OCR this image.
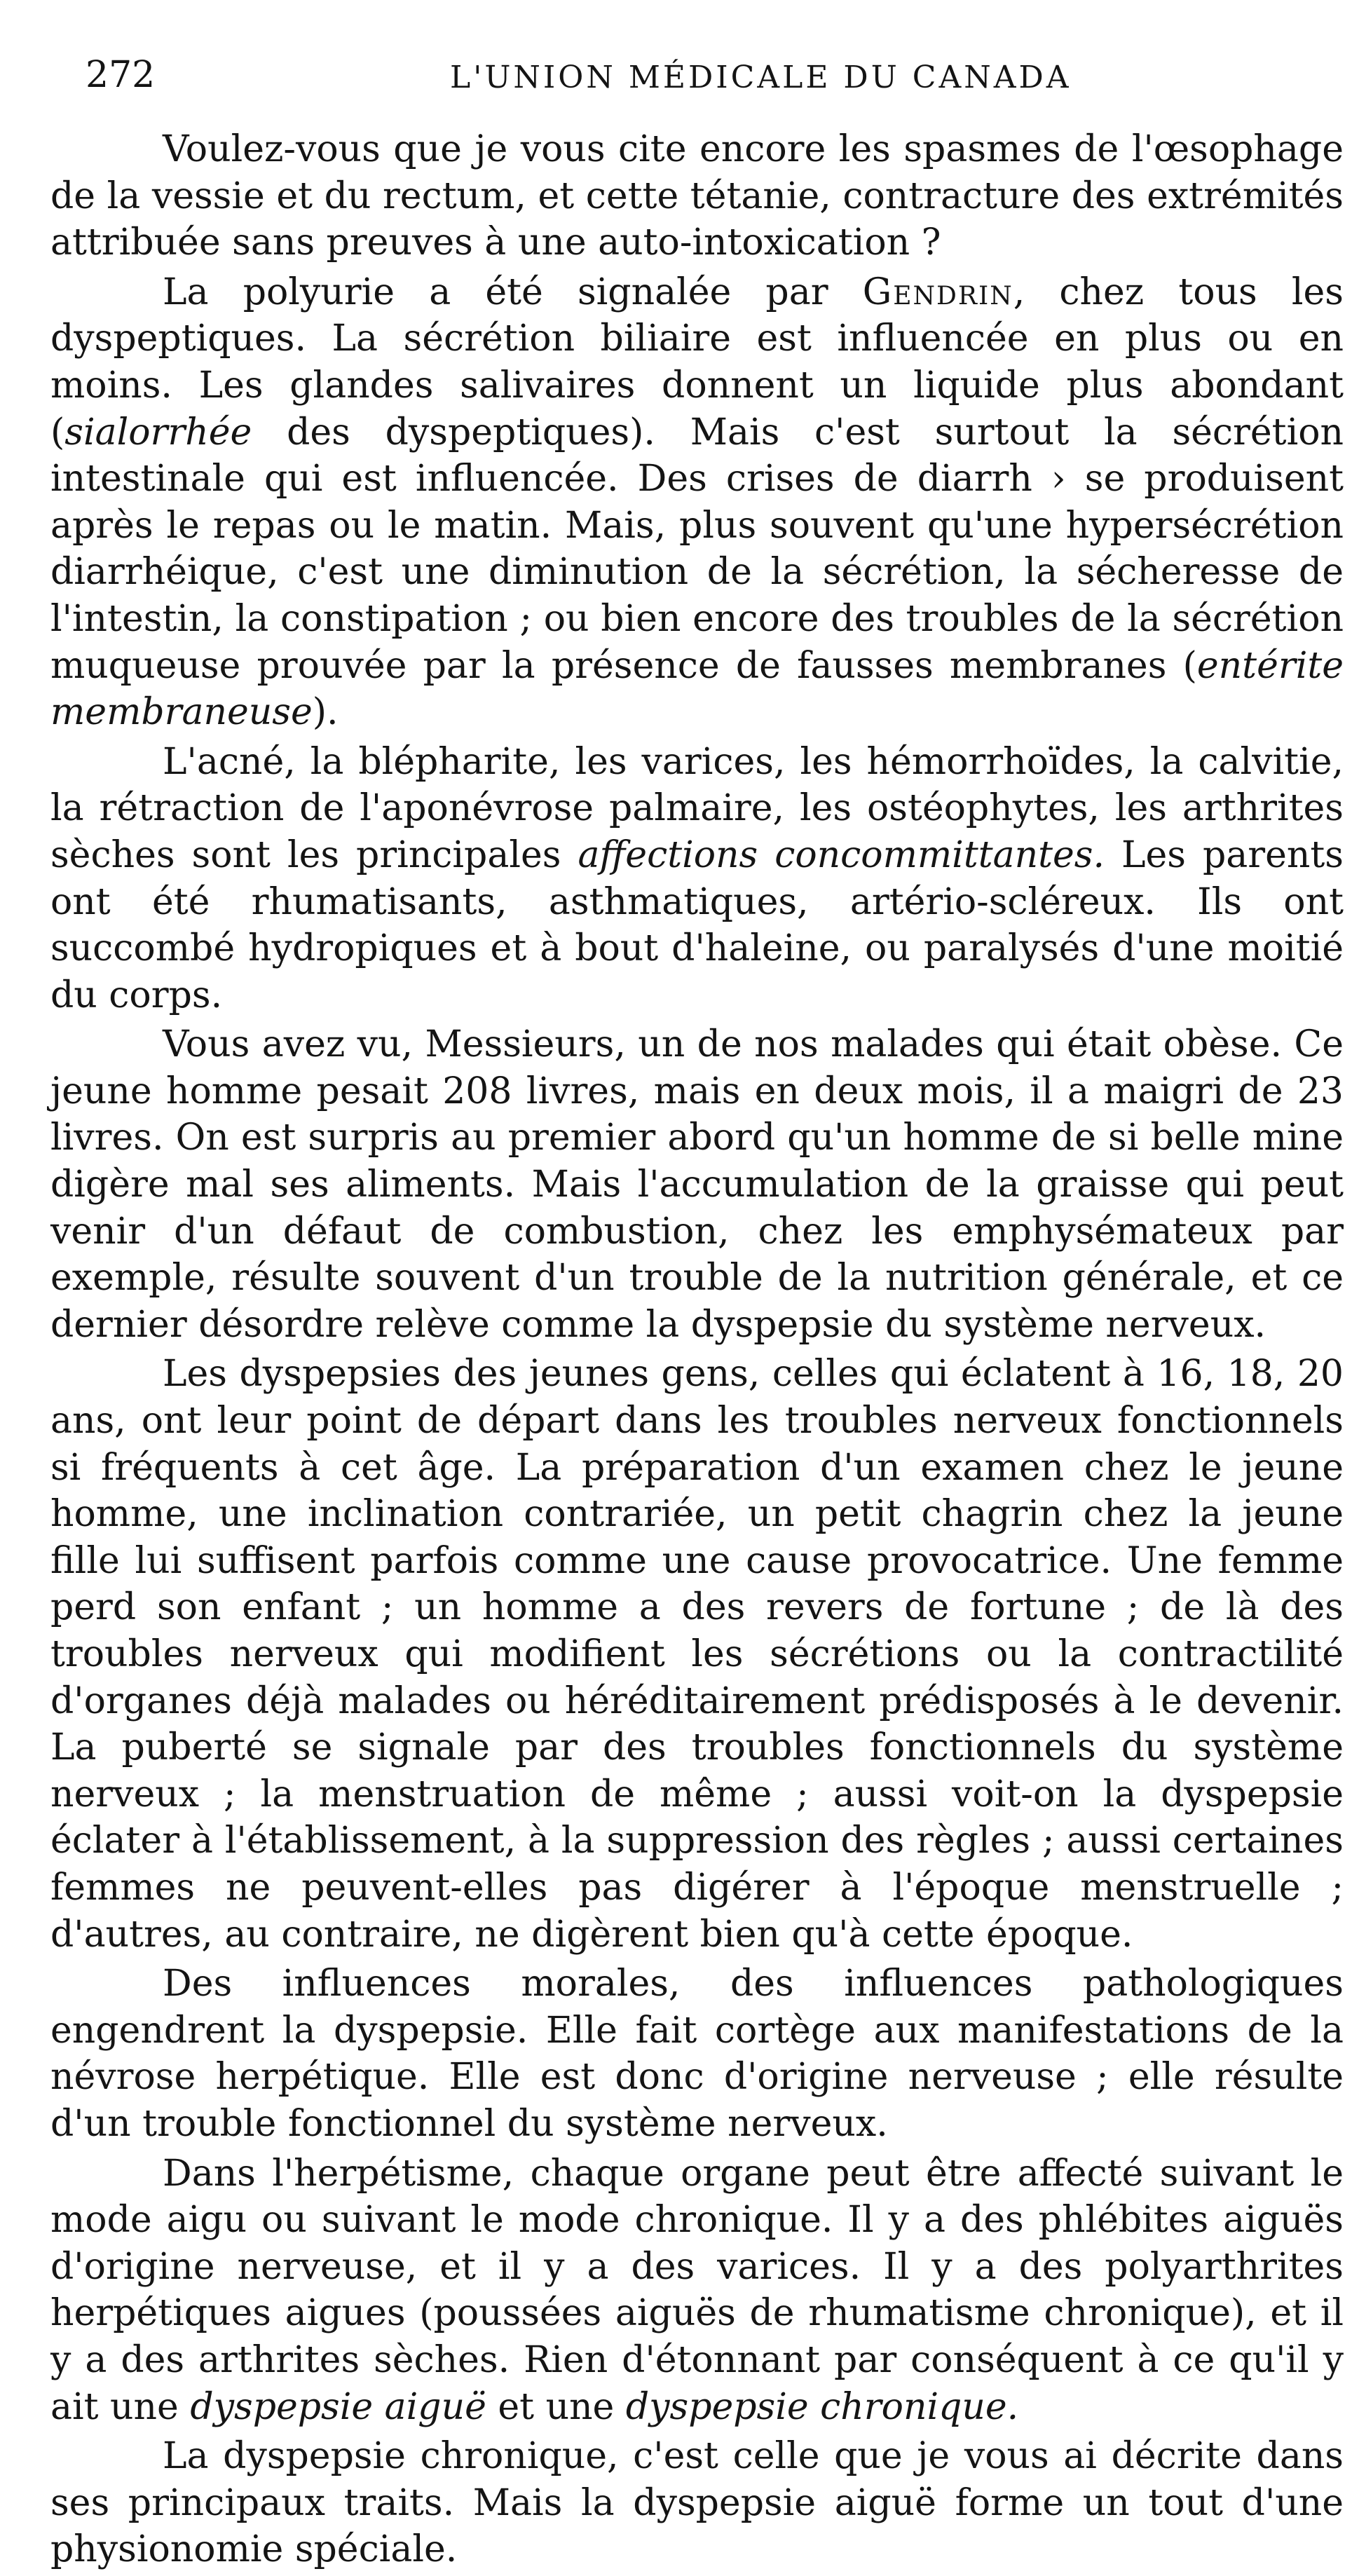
272	L'UNION MÉDICALE DU CANADA

Voulez-vous que je vous cite encore les spasmes de l'œsophage de la vessie et du rectum, et cette tétanie, contracture des extrémités attribuée sans preuves à une auto-intoxication ?

La polyurie a été signalée par Gendrin, chez tous les dyspeptiques. La sécrétion biliaire est influencée en plus ou en moins. Les glandes salivaires donnent un liquide plus abondant (sialorrhée des dyspeptiques). Mais c'est surtout la sécrétion intestinale qui est influencée. Des crises de diarrh › se produisent après le repas ou le matin. Mais, plus souvent qu'une hypersécrétion diarrhéique, c'est une diminution de la sécrétion, la sécheresse de l'intestin, la constipation ; ou bien encore des troubles de la sécrétion muqueuse prouvée par la présence de fausses membranes (entérite membraneuse).

L'acné, la blépharite, les varices, les hémorrhoïdes, la calvitie, la rétraction de l'aponévrose palmaire, les ostéophytes, les arthrites sèches sont les principales affections concommittantes. Les parents ont été rhumatisants, asthmatiques, artério-scléreux. Ils ont succombé hydropiques et à bout d'haleine, ou paralysés d'une moitié du corps.

Vous avez vu, Messieurs, un de nos malades qui était obèse. Ce jeune homme pesait 208 livres, mais en deux mois, il a maigri de 23 livres. On est surpris au premier abord qu'un homme de si belle mine digère mal ses aliments. Mais l'accumulation de la graisse qui peut venir d'un défaut de combustion, chez les emphysémateux par exemple, résulte souvent d'un trouble de la nutrition générale, et ce dernier désordre relève comme la dyspepsie du système nerveux.

Les dyspepsies des jeunes gens, celles qui éclatent à 16, 18, 20 ans, ont leur point de départ dans les troubles nerveux fonctionnels si fréquents à cet âge. La préparation d'un examen chez le jeune homme, une inclination contrariée, un petit chagrin chez la jeune fille lui suffisent parfois comme une cause provocatrice. Une femme perd son enfant ; un homme a des revers de fortune ; de là des troubles nerveux qui modifient les sécrétions ou la contractilité d'organes déjà malades ou héréditairement prédisposés à le devenir. La puberté se signale par des troubles fonctionnels du système nerveux ; la menstruation de même ; aussi voit-on la dyspepsie éclater à l'établissement, à la suppression des règles ; aussi certaines femmes ne peuvent-elles pas digérer à l'époque menstruelle ; d'autres, au contraire, ne digèrent bien qu'à cette époque.

Des influences morales, des influences pathologiques engendrent la dyspepsie. Elle fait cortège aux manifestations de la névrose herpétique. Elle est donc d'origine nerveuse ; elle résulte d'un trouble fonctionnel du système nerveux.

Dans l'herpétisme, chaque organe peut être affecté suivant le mode aigu ou suivant le mode chronique. Il y a des phlébites aiguës d'origine nerveuse, et il y a des varices. Il y a des polyarthrites herpétiques aigues (poussées aiguës de rhumatisme chronique), et il y a des arthrites sèches. Rien d'étonnant par conséquent à ce qu'il y ait une dyspepsie aiguë et une dyspepsie chronique.

La dyspepsie chronique, c'est celle que je vous ai décrite dans ses principaux traits. Mais la dyspepsie aiguë forme un tout d'une physionomie spéciale.
